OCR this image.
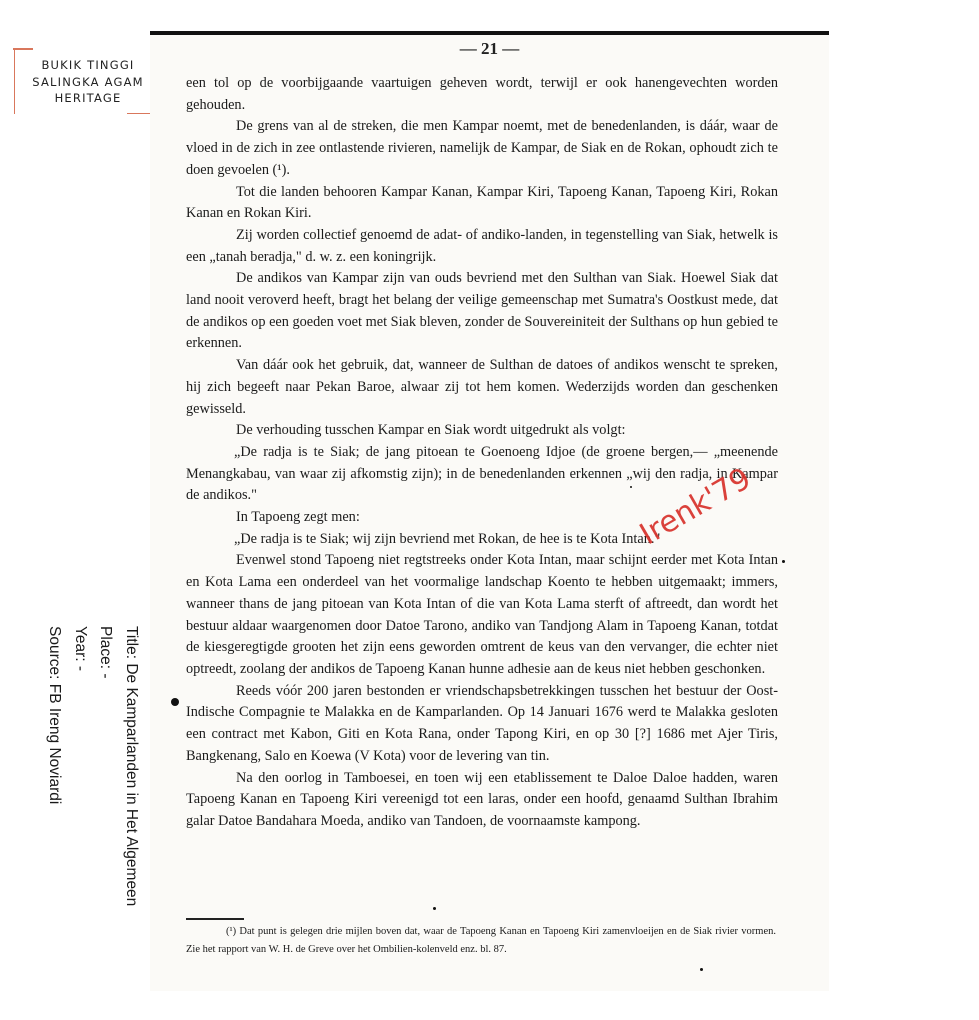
BUKIK TINGGI
SALINGKA AGAM
HERITAGE
— 21 —

een tol op de voorbijgaande vaartuigen geheven wordt, terwijl er ook hanengevechten worden gehouden.

De grens van al de streken, die men Kampar noemt, met de benedenlanden, is dáár, waar de vloed in de zich in zee ontlastende rivieren, namelijk de Kampar, de Siak en de Rokan, ophoudt zich te doen gevoelen (¹).

Tot die landen behooren Kampar Kanan, Kampar Kiri, Tapoeng Kanan, Tapoeng Kiri, Rokan Kanan en Rokan Kiri.

Zij worden collectief genoemd de adat- of andiko-landen, in tegenstelling van Siak, hetwelk is een „tanah beradja," d. w. z. een koningrijk.

De andikos van Kampar zijn van ouds bevriend met den Sulthan van Siak. Hoewel Siak dat land nooit veroverd heeft, bragt het belang der veilige gemeenschap met Sumatra's Oostkust mede, dat de andikos op een goeden voet met Siak bleven, zonder de Souvereiniteit der Sulthans op hun gebied te erkennen.

Van dáár ook het gebruik, dat, wanneer de Sulthan de datoes of andikos wenscht te spreken, hij zich begeeft naar Pekan Baroe, alwaar zij tot hem komen. Wederzijds worden dan geschenken gewisseld.

De verhouding tusschen Kampar en Siak wordt uitgedrukt als volgt:

„De radja is te Siak; de jang pitoean te Goenoeng Idjoe (de groene bergen,— „meenende Menangkabau, van waar zij afkomstig zijn); in de benedenlanden erkennen „wij den radja, in Kampar de andikos."

In Tapoeng zegt men:

„De radja is te Siak; wij zijn bevriend met Rokan, de hee is te Kota Intan."

Evenwel stond Tapoeng niet regtstreeks onder Kota Intan, maar schijnt eerder met Kota Intan en Kota Lama een onderdeel van het voormalige landschap Koento te hebben uitgemaakt; immers, wanneer thans de jang pitoean van Kota Intan of die van Kota Lama sterft of aftreedt, dan wordt het bestuur aldaar waargenomen door Datoe Tarono, andiko van Tandjong Alam in Tapoeng Kanan, totdat de kiesgeregtigde grooten het zijn eens geworden omtrent de keus van den vervanger, die echter niet optreedt, zoolang der andikos de Tapoeng Kanan hunne adhesie aan de keus niet hebben geschonken.

Reeds vóór 200 jaren bestonden er vriendschapsbetrekkingen tusschen het bestuur der Oost-Indische Compagnie te Malakka en de Kamparlanden. Op 14 Januari 1676 werd te Malakka gesloten een contract met Kabon, Giti en Kota Rana, onder Tapong Kiri, en op 30 [?] 1686 met Ajer Tiris, Bangkenang, Salo en Koewa (V Kota) voor de levering van tin.

Na den oorlog in Tamboesei, en toen wij een etablissement te Daloe Daloe hadden, waren Tapoeng Kanan en Tapoeng Kiri vereenigd tot een laras, onder een hoofd, genaamd Sulthan Ibrahim galar Datoe Bandahara Moeda, andiko van Tandoen, de voornaamste kampong.

(¹) Dat punt is gelegen drie mijlen boven dat, waar de Tapoeng Kanan en Tapoeng Kiri zamenvloeijen en de Siak rivier vormen. Zie het rapport van W. H. de Greve over het Ombilien-kolenveld enz. bl. 87.

Irenk'79
Title: De Kamparlanden in Het Algemeen
Place: -
Year: -
Source: FB Ireng Noviardi
